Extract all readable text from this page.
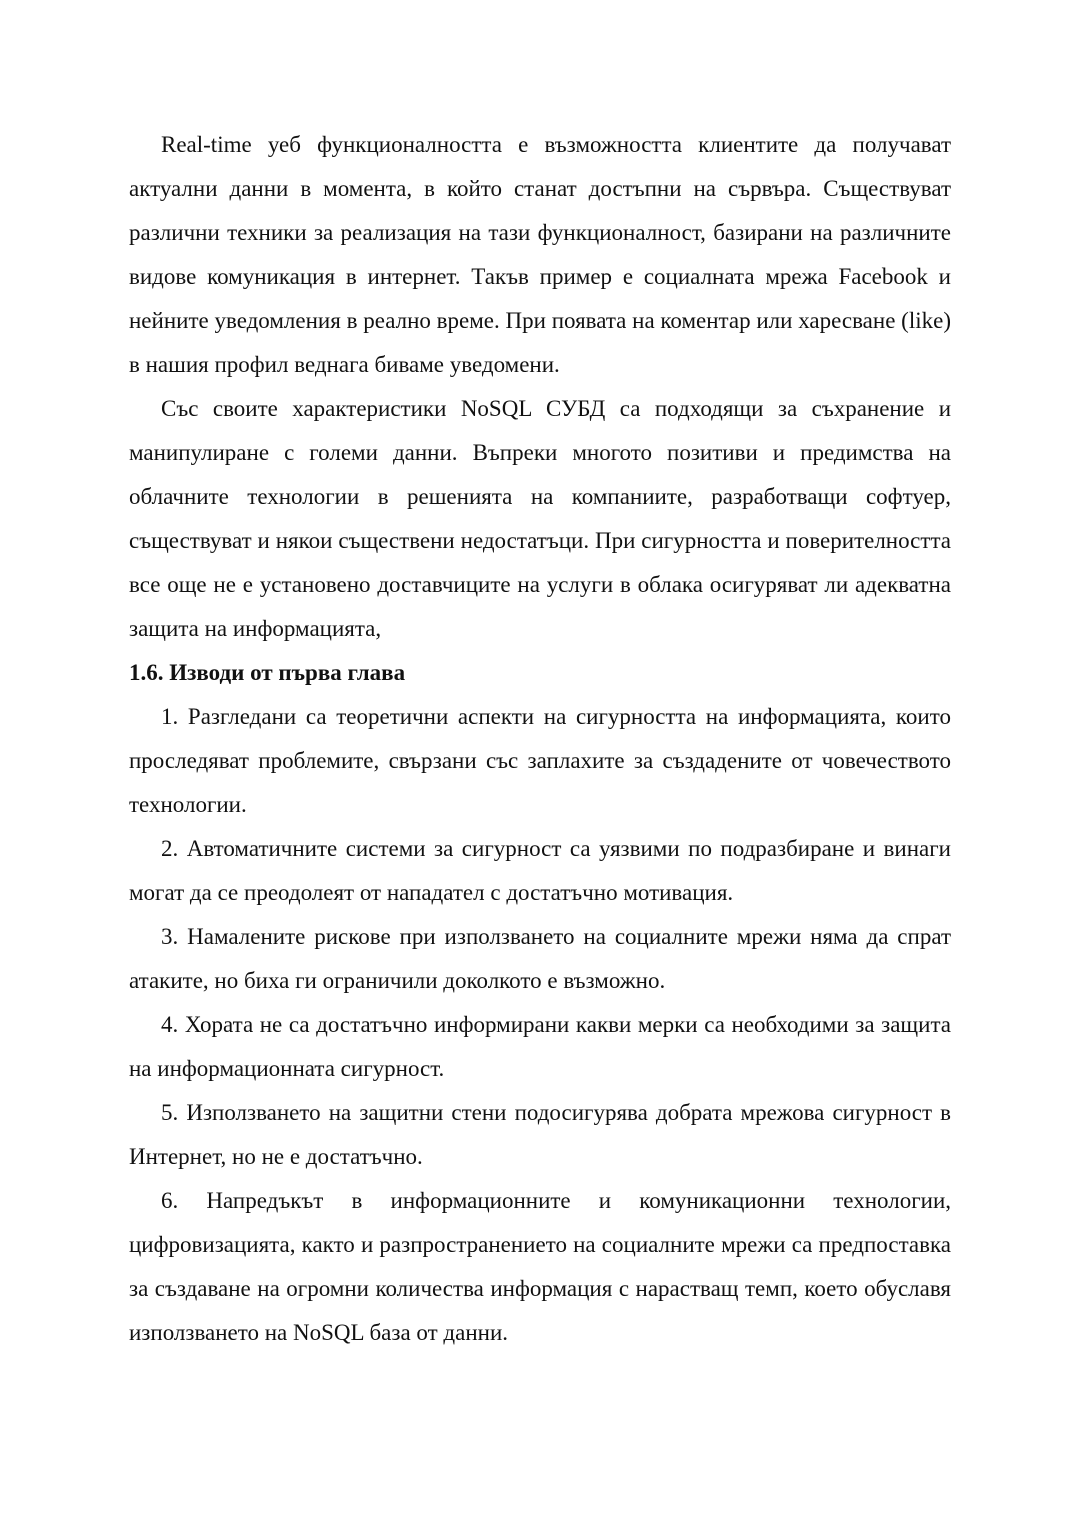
Real-time уеб функционалността е възможността клиентите да получават актуални данни в момента, в който станат достъпни на сървъра. Съществуват различни техники за реализация на тази функционалност, базирани на различните видове комуникация в интернет. Такъв пример е социалната мрежа Facebook и нейните уведомления в реално време. При появата на коментар или харесване (like) в нашия профил веднага биваме уведомени.

Със своите характеристики NoSQL СУБД са подходящи за съхранение и манипулиране с големи данни. Въпреки многото позитиви и предимства на облачните технологии в решенията на компаниите, разработващи софтуер, съществуват и някои съществени недостатъци. При сигурността и поверителността все още не е установено доставчиците на услуги в облака осигуряват ли адекватна защита на информацията,

1.6. Изводи от първа глава

1. Разгледани са теоретични аспекти на сигурността на информацията, които проследяват проблемите, свързани със заплахите за създадените от човечеството технологии.

2. Автоматичните системи за сигурност са уязвими по подразбиране и винаги могат да се преодолеят от нападател с достатъчно мотивация.

3. Намалените рискове при използването на социалните мрежи няма да спрат атаките, но биха ги ограничили доколкото е възможно.

4. Хората не са достатъчно информирани какви мерки са необходими за защита на информационната сигурност.

5. Използването на защитни стени подосигурява добрата мрежова сигурност в Интернет, но не е достатъчно.

6. Напредъкът в информационните и комуникационни технологии, цифровизацията, както и разпространението на социалните мрежи са предпоставка за създаване на огромни количества информация с нарастващ темп, което обуславя използването на NoSQL база от данни.
